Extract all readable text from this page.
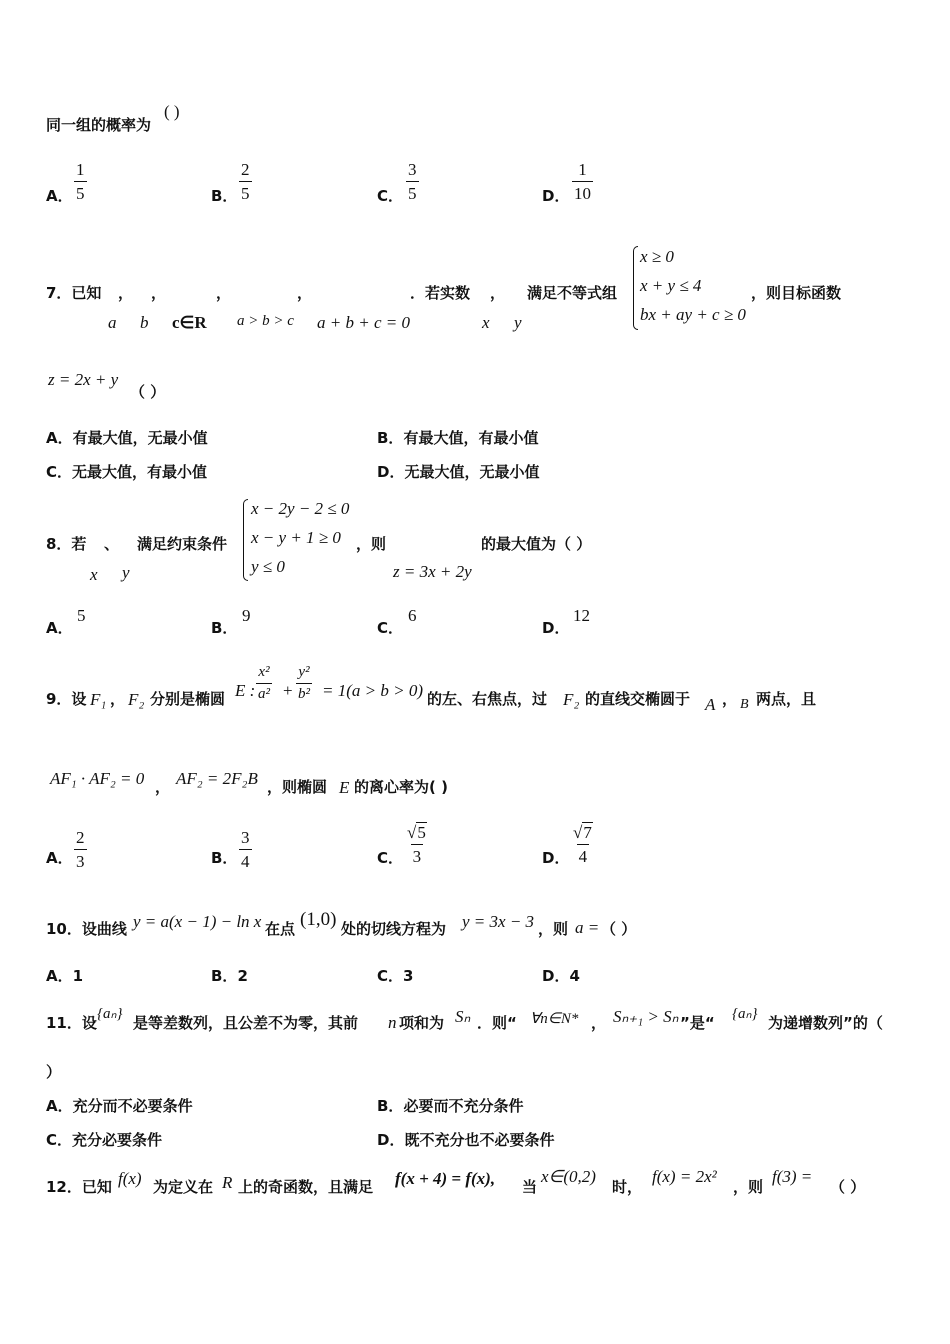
同一组的概率为
( )
A． $\frac{1}{5}$	B． $\frac{2}{5}$	C． $\frac{3}{5}$	D． $\frac{1}{10}$
7．已知 ， ，	，	，	．若实数 ， 满足不等式组	，则目标函数
a b c∈R a > b > c a + b + c = 0	x y
x ≥ 0
x + y ≤ 4
bx + ay + c ≥ 0
z = 2x + y
（ ）
A．有最大值，无最小值	B．有最大值，有最小值
C．无最大值，有最小值	D．无最大值，无最小值
8．若 、 满足约束条件
x y
x − 2y − 2 ≤ 0
x − y + 1 ≥ 0
y ≤ 0
，则
z = 3x + 2y
的最大值为（ ）
A．
5
B．
9
C．
6
D．
12
9．设 F₁ ， F₂ 分别是椭圆 E : $\frac{\text{x²}}{\text{a²}} + \frac{\text{y²}}{\text{b²}} = 1(a > b > 0)$ 的左、右焦点，过 F₂ 的直线交椭圆于 A ， B 两点，且
AF₁ · AF₂ = 0 ， AF₂ = 2F₂B ，则椭圆 E 的离心率为( )
A． $\frac{2}{3}$	B． $\frac{3}{4}$	C． $\frac{√5}{3}$	D． $\frac{√7}{4}$
10．设曲线 y = a(x − 1) − ln x 在点 (1,0) 处的切线方程为 y = 3x − 3 ，则 a = （ ）
A．1	B．2	C．3	D．4
11．设 {aₙ} 是等差数列，且公差不为零，其前 n 项和为 Sₙ ．则“ ∀n∈N* ， Sₙ₊₁ > Sₙ ”是“ {aₙ} 为递增数列”的（
）
A．充分而不必要条件	B．必要而不充分条件
C．充分必要条件	D．既不充分也不必要条件
12．已知 f(x) 为定义在 R 上的奇函数，且满足 f(x + 4) = f(x), 当
x∈(0,2)
时，
f(x) = 2x²
，则
f(3) =
（ ）
